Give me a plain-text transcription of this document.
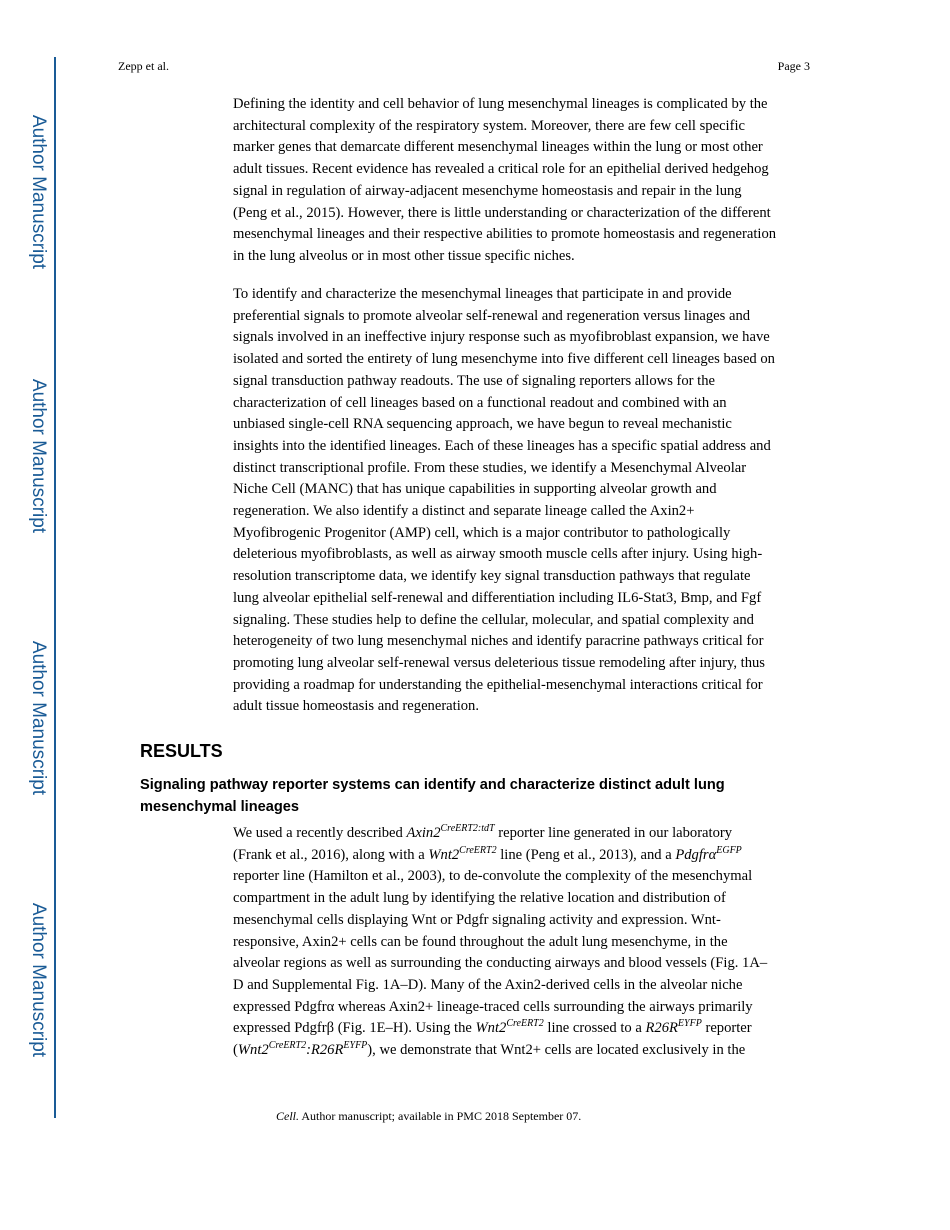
Author Manuscript
Author Manuscript
Author Manuscript
Author Manuscript
Zepp et al.	Page 3
Defining the identity and cell behavior of lung mesenchymal lineages is complicated by the
architectural complexity of the respiratory system. Moreover, there are few cell specific
marker genes that demarcate different mesenchymal lineages within the lung or most other
adult tissues. Recent evidence has revealed a critical role for an epithelial derived hedgehog
signal in regulation of airway-adjacent mesenchyme homeostasis and repair in the lung
(Peng et al., 2015). However, there is little understanding or characterization of the different
mesenchymal lineages and their respective abilities to promote homeostasis and regeneration
in the lung alveolus or in most other tissue specific niches.
To identify and characterize the mesenchymal lineages that participate in and provide
preferential signals to promote alveolar self-renewal and regeneration versus linages and
signals involved in an ineffective injury response such as myofibroblast expansion, we have
isolated and sorted the entirety of lung mesenchyme into five different cell lineages based on
signal transduction pathway readouts. The use of signaling reporters allows for the
characterization of cell lineages based on a functional readout and combined with an
unbiased single-cell RNA sequencing approach, we have begun to reveal mechanistic
insights into the identified lineages. Each of these lineages has a specific spatial address and
distinct transcriptional profile. From these studies, we identify a Mesenchymal Alveolar
Niche Cell (MANC) that has unique capabilities in supporting alveolar growth and
regeneration. We also identify a distinct and separate lineage called the Axin2+
Myofibrogenic Progenitor (AMP) cell, which is a major contributor to pathologically
deleterious myofibroblasts, as well as airway smooth muscle cells after injury. Using high-
resolution transcriptome data, we identify key signal transduction pathways that regulate
lung alveolar epithelial self-renewal and differentiation including IL6-Stat3, Bmp, and Fgf
signaling. These studies help to define the cellular, molecular, and spatial complexity and
heterogeneity of two lung mesenchymal niches and identify paracrine pathways critical for
promoting lung alveolar self-renewal versus deleterious tissue remodeling after injury, thus
providing a roadmap for understanding the epithelial-mesenchymal interactions critical for
adult tissue homeostasis and regeneration.
RESULTS
Signaling pathway reporter systems can identify and characterize distinct adult lung
mesenchymal lineages
We used a recently described $Axin2^{CreERT2:tdT}$ reporter line generated in our laboratory
(Frank et al., 2016), along with a $Wnt2^{CreERT2}$ line (Peng et al., 2013), and a Pdgfrα$^{EGFP}$
reporter line (Hamilton et al., 2003), to de-convolute the complexity of the mesenchymal
compartment in the adult lung by identifying the relative location and distribution of
mesenchymal cells displaying Wnt or Pdgfr signaling activity and expression. Wnt-
responsive, Axin2+ cells can be found throughout the adult lung mesenchyme, in the
alveolar regions as well as surrounding the conducting airways and blood vessels (Fig. 1A–
D and Supplemental Fig. 1A–D). Many of the Axin2-derived cells in the alveolar niche
expressed Pdgfrα whereas Axin2+ lineage-traced cells surrounding the airways primarily
expressed Pdgfrβ (Fig. 1E–H). Using the $Wnt2^{CreERT2}$ line crossed to a $R26R^{EYFP}$ reporter
$(Wnt2^{CreERT2}:R26R^{EYFP})$, we demonstrate that Wnt2+ cells are located exclusively in the
Cell. Author manuscript; available in PMC 2018 September 07.
